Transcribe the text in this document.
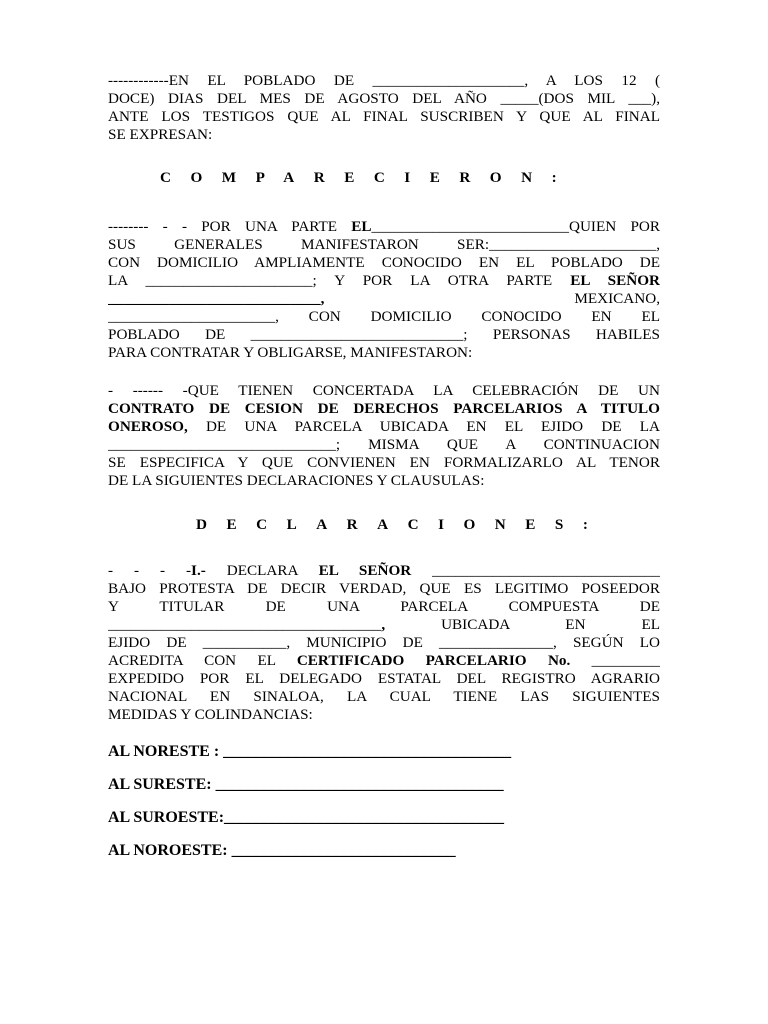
------------EN EL POBLADO DE ____________________, A LOS 12 (
DOCE) DIAS DEL MES DE AGOSTO DEL AÑO _____(DOS MIL ___),
ANTE LOS TESTIGOS QUE AL FINAL SUSCRIBEN Y QUE AL FINAL
SE EXPRESAN:
COMPARECIERON:
-------- - - POR UNA PARTE EL__________________________QUIEN POR
SUS GENERALES MANIFESTARON SER:______________________,
CON DOMICILIO AMPLIAMENTE CONOCIDO EN EL POBLADO DE
LA ______________________; Y POR LA OTRA PARTE EL SEÑOR
____________________________,	MEXICANO,
______________________, CON DOMICILIO CONOCIDO EN EL
POBLADO DE ____________________________; PERSONAS HABILES
PARA CONTRATAR Y OBLIGARSE, MANIFESTARON:
- ------ -QUE TIENEN CONCERTADA LA CELEBRACIÓN DE UN
CONTRATO DE CESION DE DERECHOS PARCELARIOS A TITULO
ONEROSO, DE UNA PARCELA UBICADA EN EL EJIDO DE LA
______________________________; MISMA QUE A CONTINUACION
SE ESPECIFICA Y QUE CONVIENEN EN FORMALIZARLO AL TENOR
DE LA SIGUIENTES DECLARACIONES Y CLAUSULAS:
DECLARACIONES:
- - - -I.- DECLARA EL SEÑOR ______________________________
BAJO PROTESTA DE DECIR VERDAD, QUE ES LEGITIMO POSEEDOR
Y TITULAR DE UNA PARCELA COMPUESTA DE
____________________________________, UBICADA EN EL
EJIDO DE ___________, MUNICIPIO DE _______________, SEGÚN LO
ACREDITA CON EL CERTIFICADO PARCELARIO No. _________
EXPEDIDO POR EL DELEGADO ESTATAL DEL REGISTRO AGRARIO
NACIONAL EN SINALOA, LA CUAL TIENE LAS SIGUIENTES
MEDIDAS Y COLINDANCIAS:
AL NORESTE : ____________________________________
AL SURESTE: ____________________________________
AL SUROESTE:___________________________________
AL NOROESTE: ____________________________
